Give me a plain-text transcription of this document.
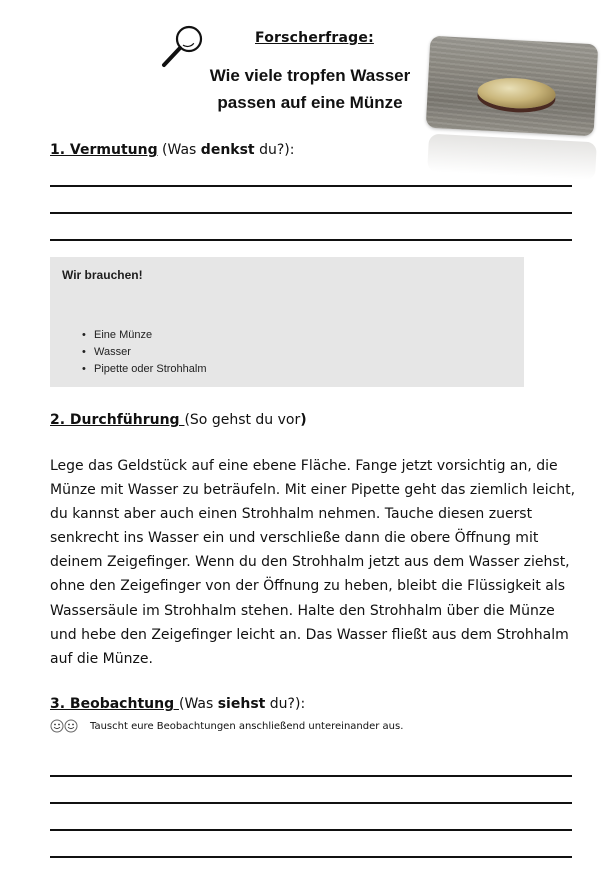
Forscherfrage:
Wie viele tropfen Wasser
passen auf eine Münze
1. Vermutung (Was denkst du?):
Wir brauchen!
• Eine Münze
• Wasser
• Pipette oder Strohhalm
2. Durchführung (So gehst du vor)
Lege das Geldstück auf eine ebene Fläche. Fange jetzt vorsichtig an, die Münze mit Wasser zu beträufeln. Mit einer Pipette geht das ziemlich leicht, du kannst aber auch einen Strohhalm nehmen. Tauche diesen zuerst senkrecht ins Wasser ein und verschließe dann die obere Öffnung mit deinem Zeigefinger. Wenn du den Strohhalm jetzt aus dem Wasser ziehst, ohne den Zeigefinger von der Öffnung zu heben, bleibt die Flüssigkeit als Wassersäule im Strohhalm stehen. Halte den Strohhalm über die Münze und hebe den Zeigefinger leicht an. Das Wasser fließt aus dem Strohhalm auf die Münze.
3. Beobachtung (Was siehst du?):
Tauscht eure Beobachtungen anschließend untereinander aus.
